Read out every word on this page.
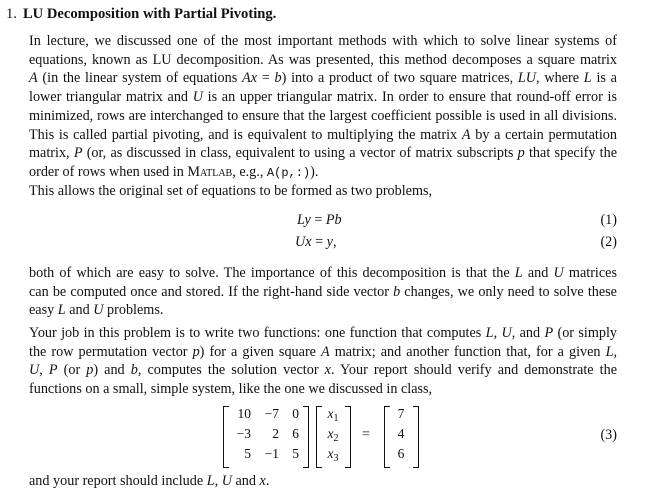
1. LU Decomposition with Partial Pivoting.
In lecture, we discussed one of the most important methods with which to solve linear systems of
equations, known as LU decomposition. As was presented, this method decomposes a square matrix
A (in the linear system of equations Ax = b) into a product of two square matrices, LU, where L is a
lower triangular matrix and U is an upper triangular matrix. In order to ensure that round-off error is
minimized, rows are interchanged to ensure that the largest coefficient possible is used in all divisions.
This is called partial pivoting, and is equivalent to multiplying the matrix A by a certain permutation
matrix, P (or, as discussed in class, equivalent to using a vector of matrix subscripts p that specify the
order of rows when used in Matlab, e.g., A(p,:)).
This allows the original set of equations to be formed as two problems,
Ly = Pb	(1)
Ux = y,	(2)
both of which are easy to solve. The importance of this decomposition is that the L and U matrices
can be computed once and stored. If the right-hand side vector b changes, we only need to solve these
easy L and U problems.
Your job in this problem is to write two functions: one function that computes L, U, and P (or simply
the row permutation vector p) for a given square A matrix; and another function that, for a given L,
U, P (or p) and b, computes the solution vector x. Your report should verify and demonstrate the
functions on a small, simple system, like the one we discussed in class,
10	−7 0
−3	2 6
5	−1 5
$x_1$
$x_2$
$x_3$
=
7
4
6
(3)
and your report should include L, U and x.
